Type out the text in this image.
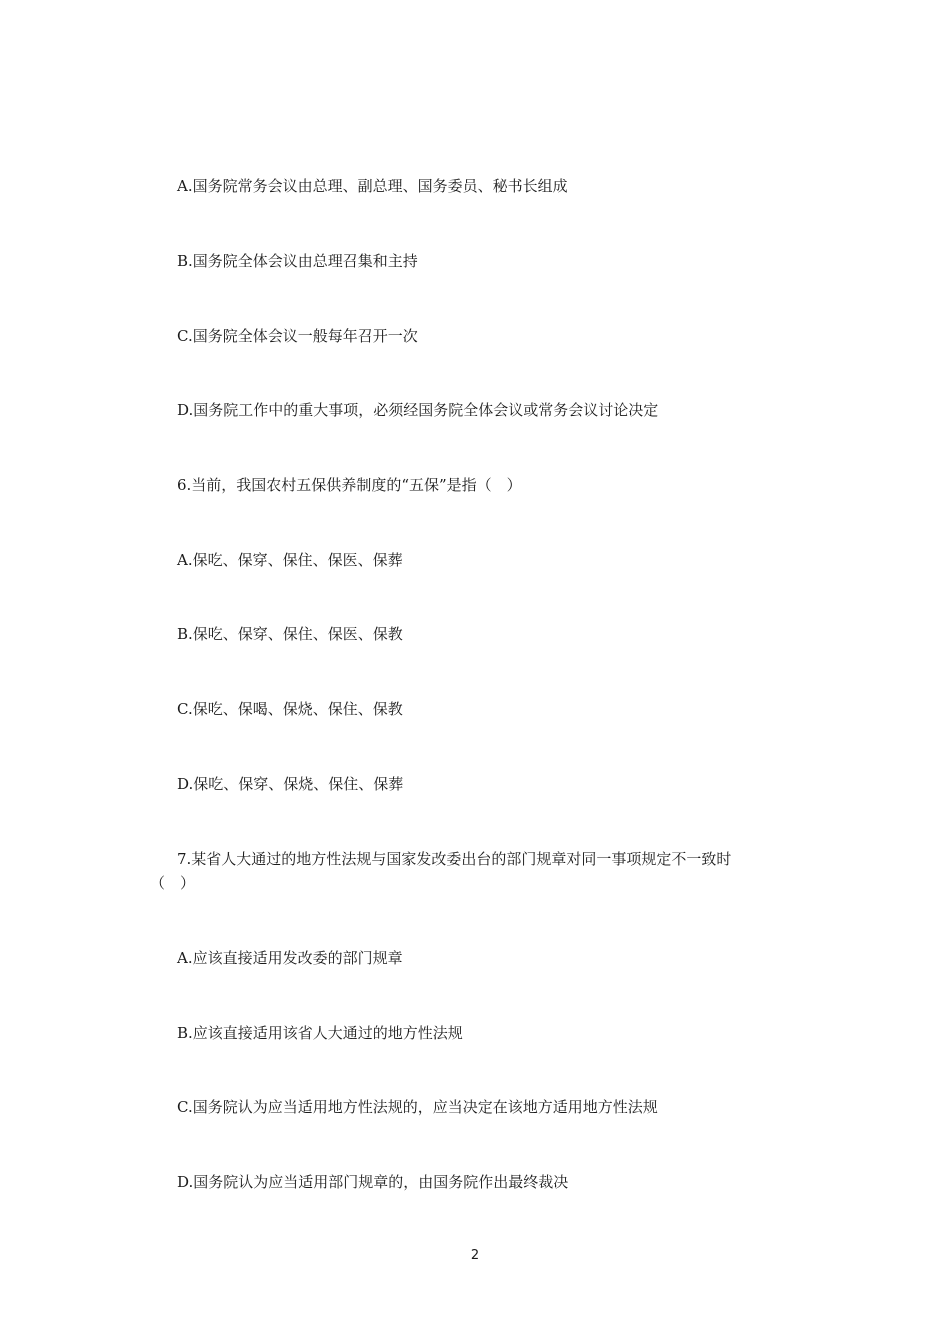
A.国务院常务会议由总理、副总理、国务委员、秘书长组成
B.国务院全体会议由总理召集和主持
C.国务院全体会议一般每年召开一次
D.国务院工作中的重大事项，必须经国务院全体会议或常务会议讨论决定
6.当前，我国农村五保供养制度的“五保”是指（　）
A.保吃、保穿、保住、保医、保葬
B.保吃、保穿、保住、保医、保教
C.保吃、保喝、保烧、保住、保教
D.保吃、保穿、保烧、保住、保葬
7.某省人大通过的地方性法规与国家发改委出台的部门规章对同一事项规定不一致时
（　）
A.应该直接适用发改委的部门规章
B.应该直接适用该省人大通过的地方性法规
C.国务院认为应当适用地方性法规的，应当决定在该地方适用地方性法规
D.国务院认为应当适用部门规章的，由国务院作出最终裁决
2
